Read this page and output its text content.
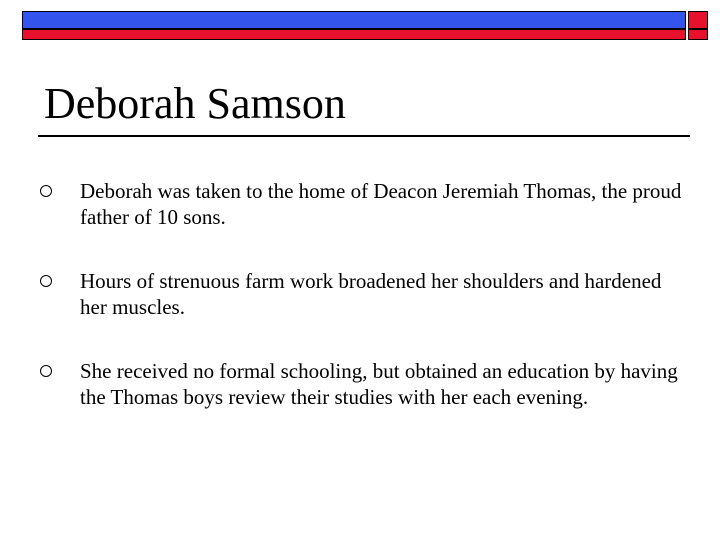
Deborah Samson
Deborah was taken to the home of Deacon Jeremiah Thomas, the proud father of 10 sons.
Hours of strenuous farm work broadened her shoulders and hardened her muscles.
She received no formal schooling, but obtained an education by having the Thomas boys review their studies with her each evening.
